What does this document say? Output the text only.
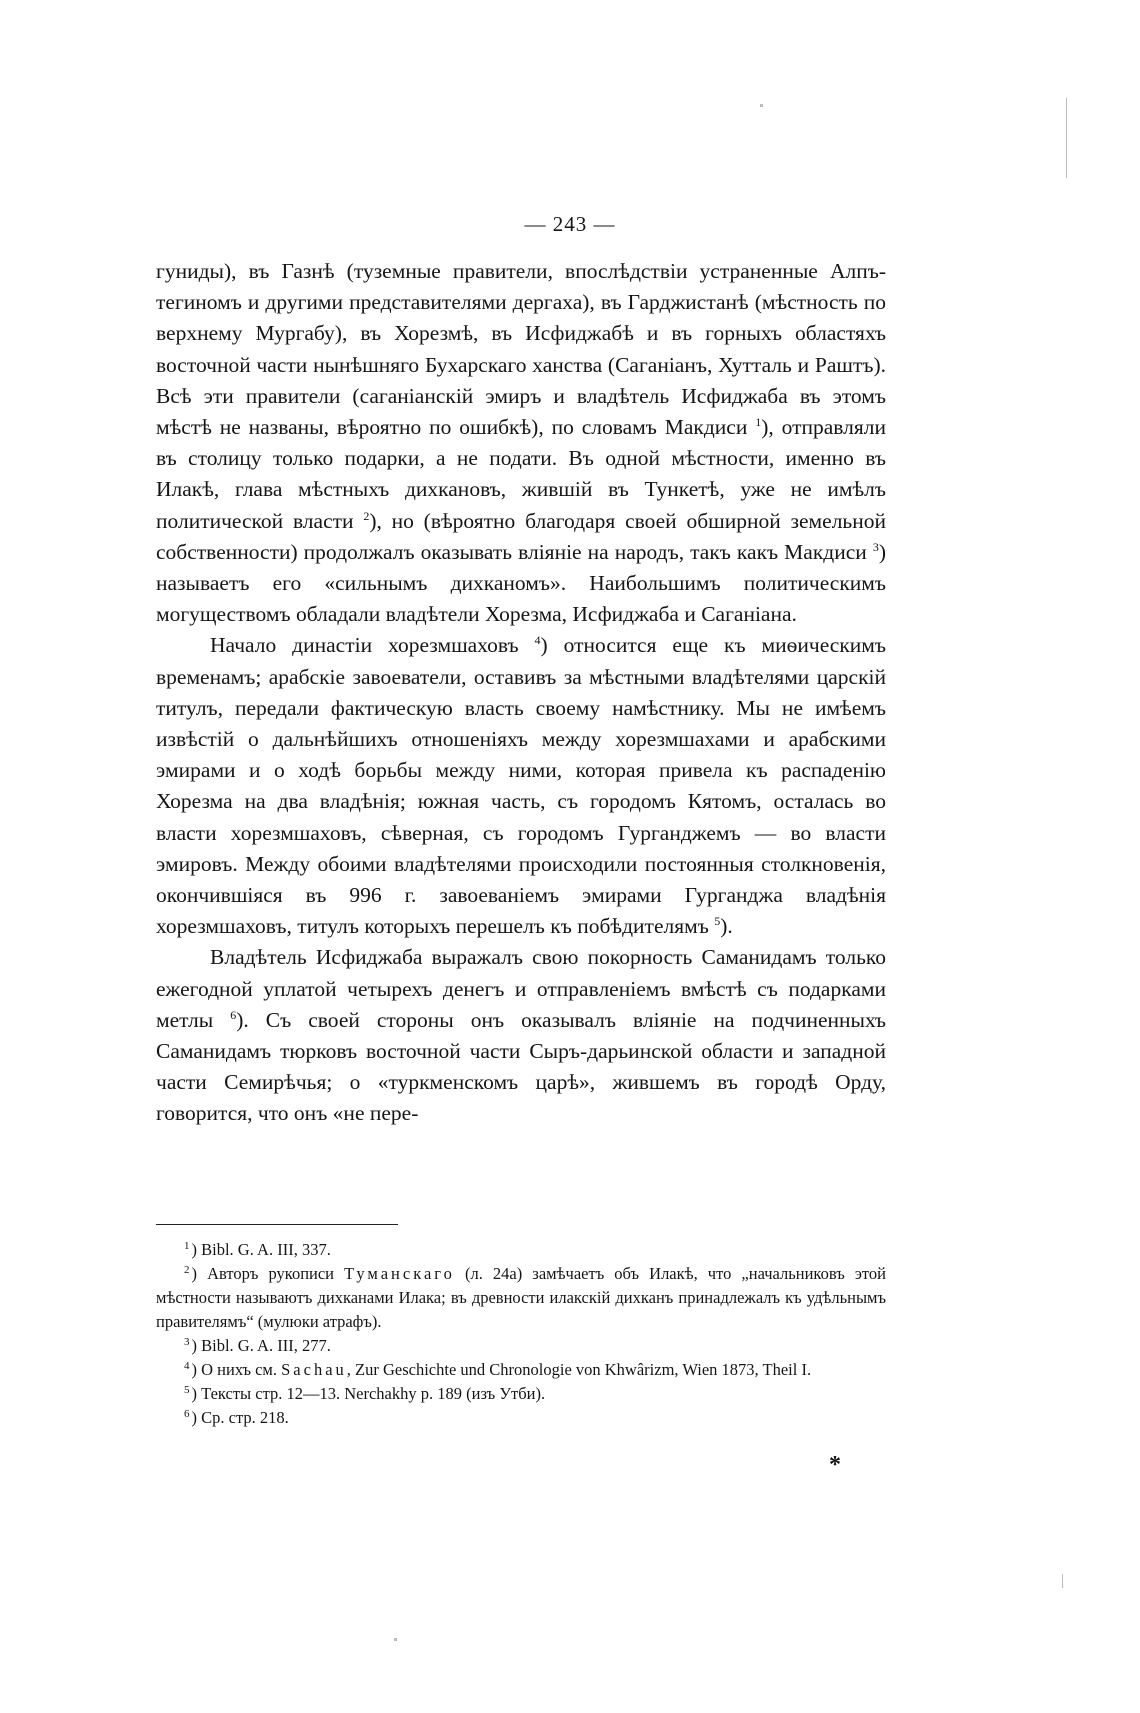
— 243 —

гуниды), въ Газнѣ (туземные правители, впослѣдствіи устраненные Алпъ-тегиномъ и другими представителями дергаха), въ Гарджистанѣ (мѣстность по верхнему Мургабу), въ Хорезмѣ, въ Исфиджабѣ и въ горныхъ областяхъ восточной части нынѣшняго Бухарскаго ханства (Саганіанъ, Хутталь и Раштъ). Всѣ эти правители (саганіанскій эмиръ и владѣтель Исфиджаба въ этомъ мѣстѣ не названы, вѣроятно по ошибкѣ), по словамъ Макдиси $^1$), отправляли въ столицу только подарки, а не подати. Въ одной мѣстности, именно въ Илакѣ, глава мѣстныхъ дихкановъ, жившій въ Тункетѣ, уже не имѣлъ политической власти $^2$), но (вѣроятно благодаря своей обширной земельной собственности) продолжалъ оказывать вліяніе на народъ, такъ какъ Макдиси $^3$) называетъ его «сильнымъ дихканомъ». Наибольшимъ политическимъ могуществомъ обладали владѣтели Хорезма, Исфиджаба и Саганіана.

Начало династіи хорезмшаховъ $^4$) относится еще къ миѳическимъ временамъ; арабскіе завоеватели, оставивъ за мѣстными владѣтелями царскій титулъ, передали фактическую власть своему намѣстнику. Мы не имѣемъ извѣстій о дальнѣйшихъ отношеніяхъ между хорезмшахами и арабскими эмирами и о ходѣ борьбы между ними, которая привела къ распаденію Хорезма на два владѣнія; южная часть, съ городомъ Кятомъ, осталась во власти хорезмшаховъ, сѣверная, съ городомъ Гурганджемъ — во власти эмировъ. Между обоими владѣтелями происходили постоянныя столкновенія, окончившіяся въ 996 г. завоеваніемъ эмирами Гурганджа владѣнія хорезмшаховъ, титулъ которыхъ перешелъ къ побѣдителямъ $^5$).

Владѣтель Исфиджаба выражалъ свою покорность Саманидамъ только ежегодной уплатой четырехъ денегъ и отправленіемъ вмѣстѣ съ подарками метлы $^6$). Съ своей стороны онъ оказывалъ вліяніе на подчиненныхъ Саманидамъ тюрковъ восточной части Сыръ-дарьинской области и западной части Семирѣчья; о «туркменскомъ царѣ», жившемъ въ городѣ Орду, говорится, что онъ «не пере-

$^1$ ) Bibl. G. A. III, 337.

$^2$ ) Авторъ рукописи Туманскаго (л. 24а) замѣчаетъ объ Илакѣ, что „начальниковъ этой мѣстности называютъ дихканами Илака; въ древности илакскій дихканъ принадлежалъ къ удѣльнымъ правителямъ“ (мулюки атрафъ).

$^3$ ) Bibl. G. A. III, 277.

$^4$ ) О нихъ см. Sachau, Zur Geschichte und Chronologie von Khwârizm, Wien 1873, Theil I.

$^5$ ) Тексты стр. 12—13. Nerchakhy p. 189 (изъ Утби).

$^6$ ) Ср. стр. 218.

*
